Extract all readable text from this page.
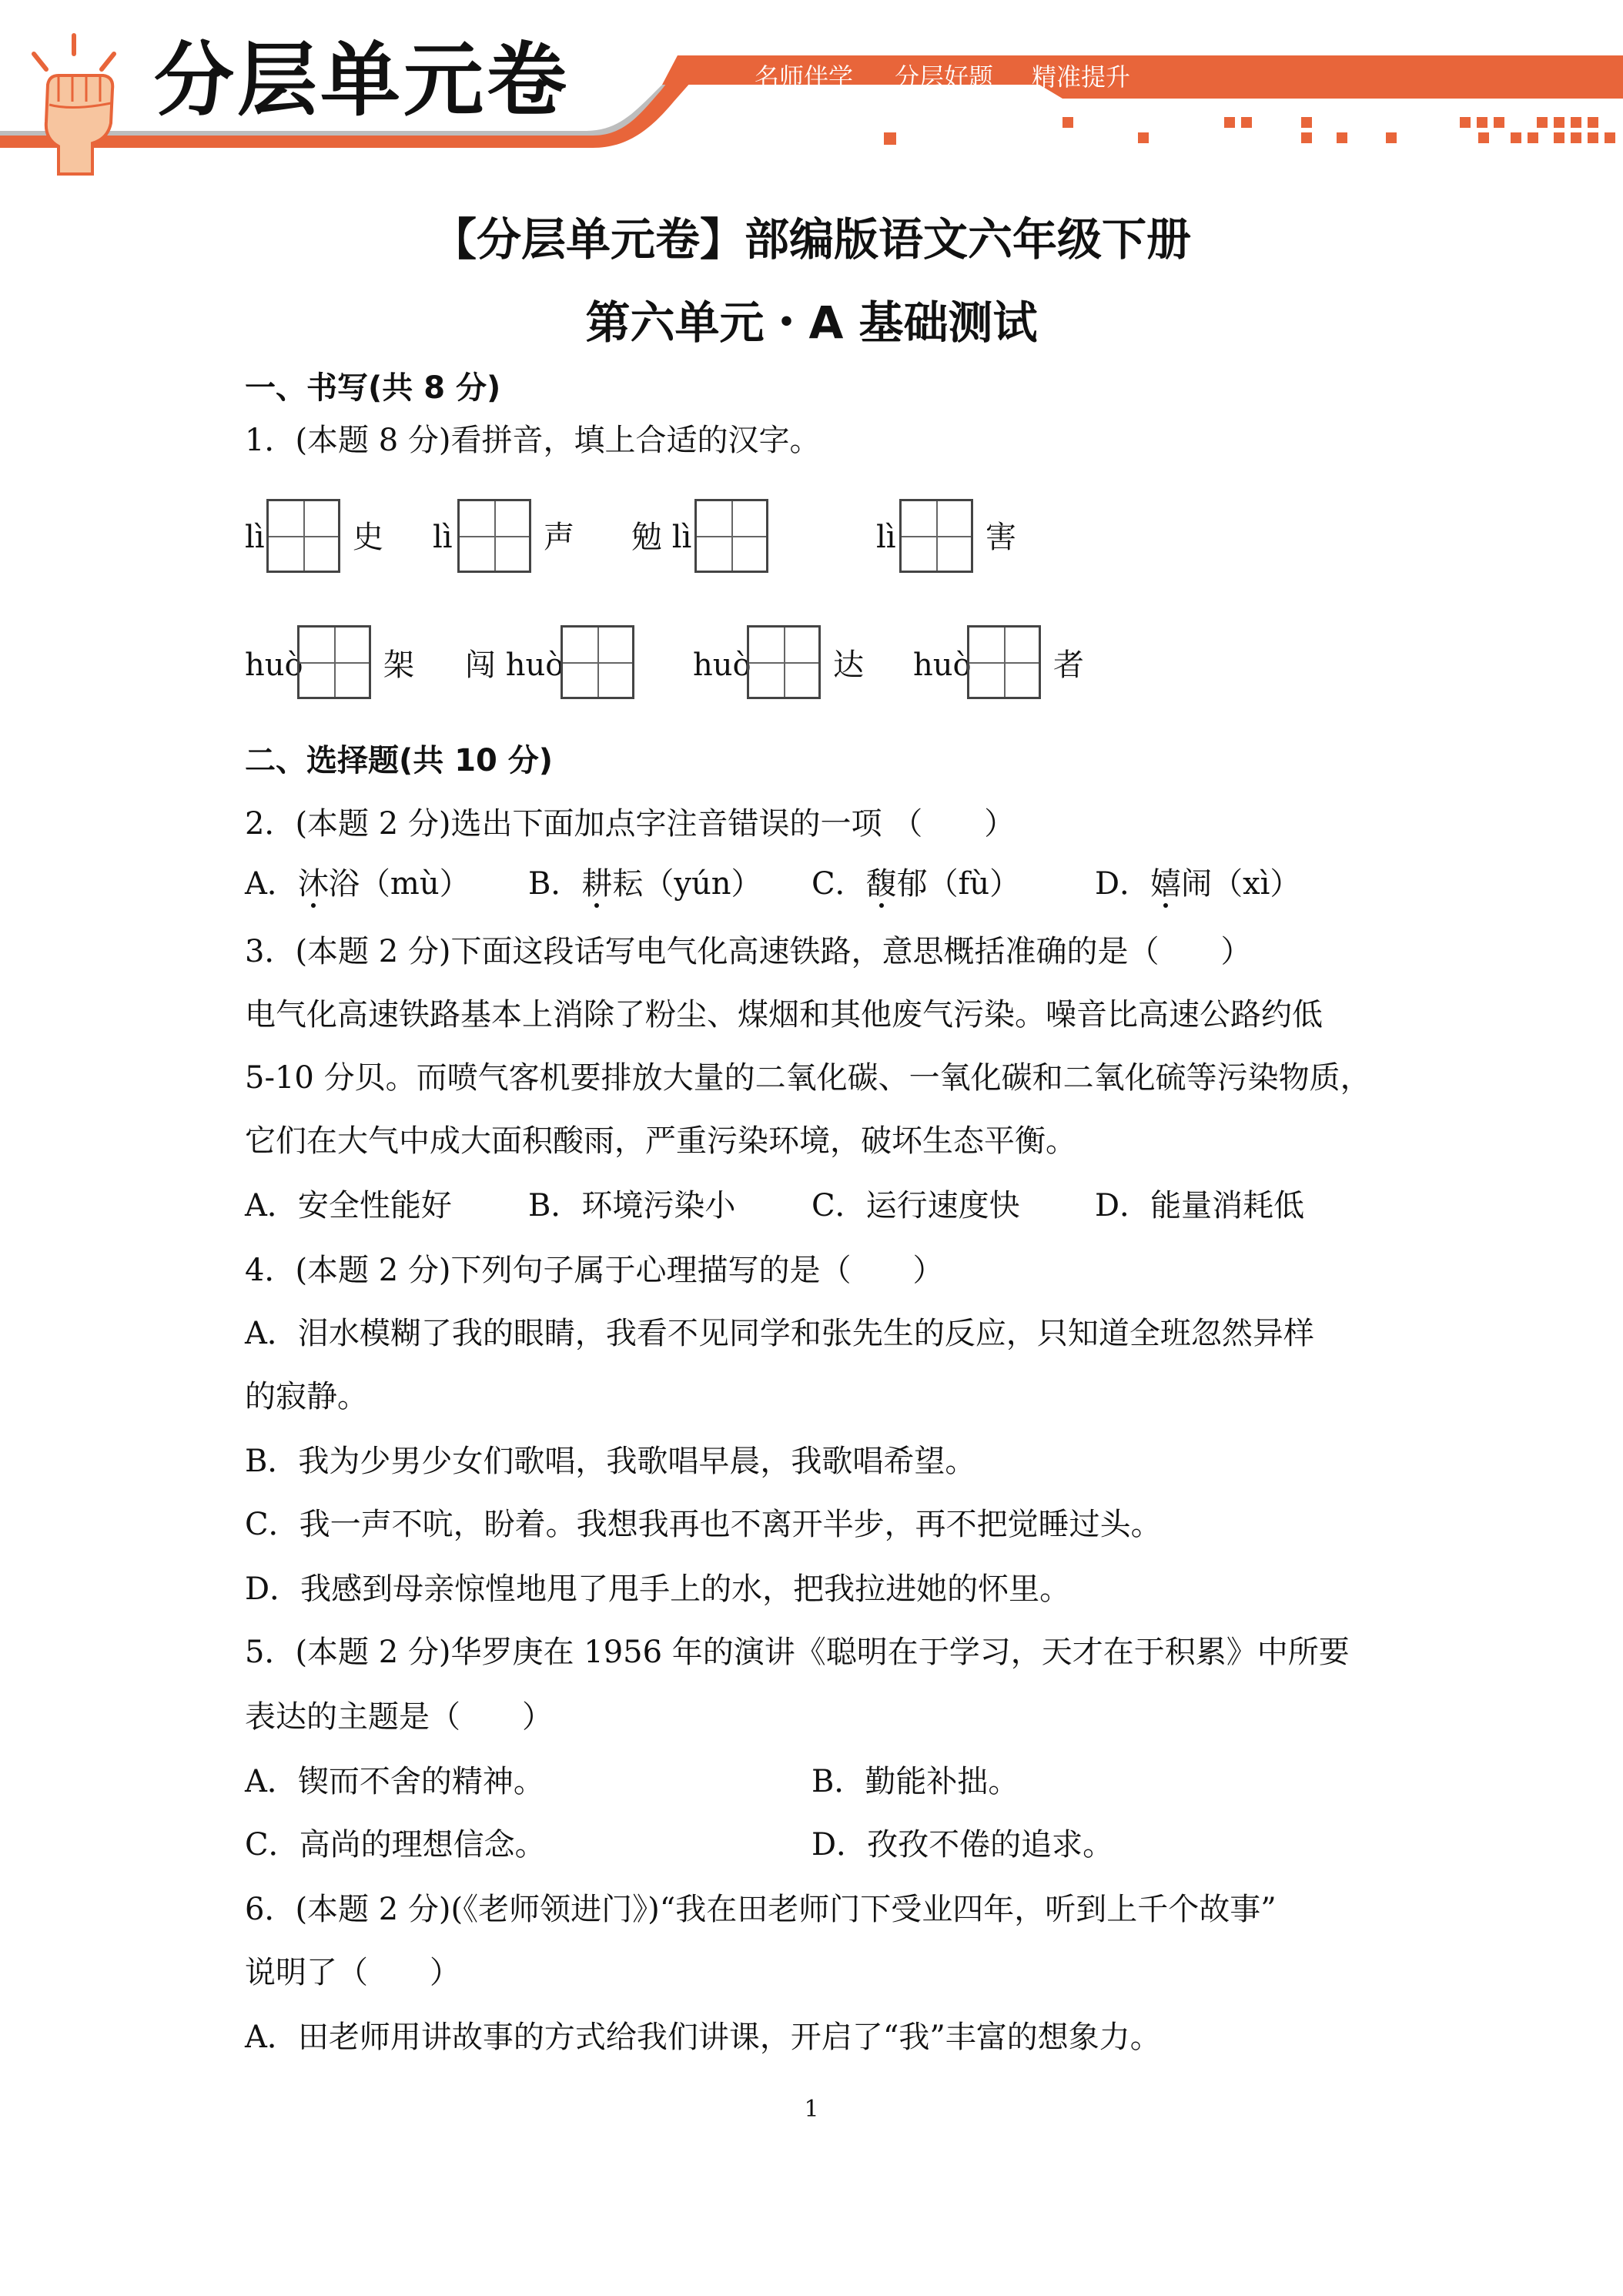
分层单元卷	名师伴学 分层好题 精准提升
【分层单元卷】部编版语文六年级下册
第六单元・A 基础测试
一、书写(共 8 分)
1．(本题 8 分)看拼音，填上合适的汉字。
lì	史 lì	声 勉 lì	lì	害
huò	架 闯 huò	huò	达 huò	者
二、选择题(共 10 分)
2．(本题 2 分)选出下面加点字注音错误的一项 （　　）
A．沐浴（mù） B．耕耘（yún） C．馥郁（fù） D．嬉闹（xì）
3．(本题 2 分)下面这段话写电气化高速铁路，意思概括准确的是（　　）
电气化高速铁路基本上消除了粉尘、煤烟和其他废气污染。噪音比高速公路约低
5-10 分贝。而喷气客机要排放大量的二氧化碳、一氧化碳和二氧化硫等污染物质，
它们在大气中成大面积酸雨，严重污染环境，破坏生态平衡。
A．安全性能好 B．环境污染小 C．运行速度快 D．能量消耗低
4．(本题 2 分)下列句子属于心理描写的是（　　）
A．泪水模糊了我的眼睛，我看不见同学和张先生的反应，只知道全班忽然异样
的寂静。
B．我为少男少女们歌唱，我歌唱早晨，我歌唱希望。
C．我一声不吭，盼着。我想我再也不离开半步，再不把觉睡过头。
D．我感到母亲惊惶地甩了甩手上的水，把我拉进她的怀里。
5．(本题 2 分)华罗庚在 1956 年的演讲《聪明在于学习，天才在于积累》中所要
表达的主题是（　　）
A．锲而不舍的精神。	B．勤能补拙。
C．高尚的理想信念。	D．孜孜不倦的追求。
6．(本题 2 分)(《老师领进门》)“我在田老师门下受业四年，听到上千个故事”
说明了（　　）
A．田老师用讲故事的方式给我们讲课，开启了“我”丰富的想象力。
1
